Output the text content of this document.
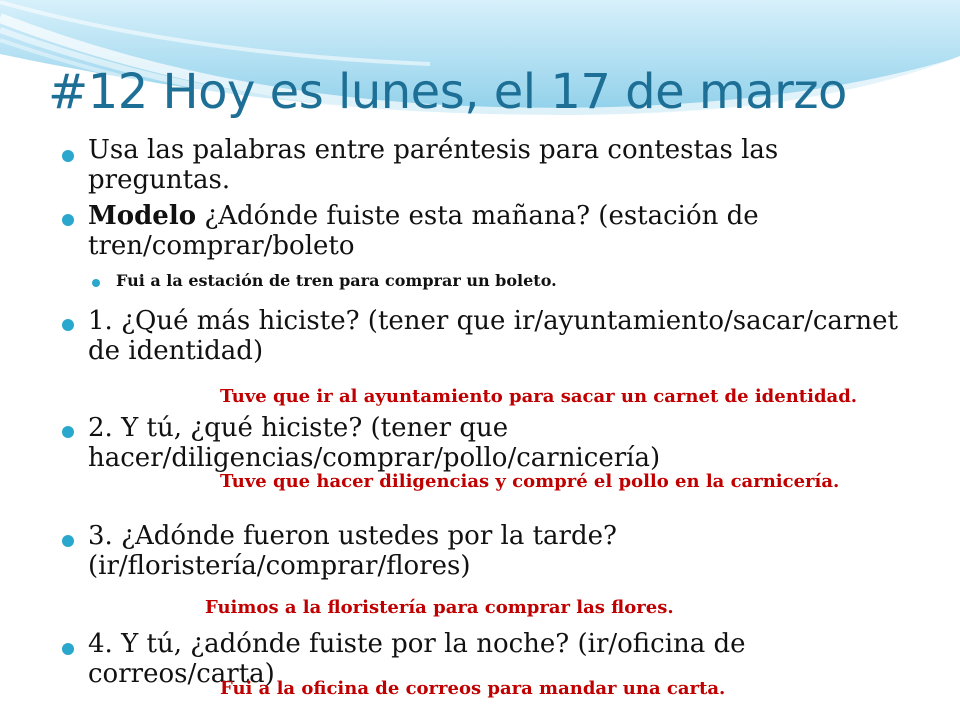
#12 Hoy es lunes, el 17 de marzo
Usa las palabras entre paréntesis para contestas las preguntas.
Modelo ¿Adónde fuiste esta mañana? (estación de tren/comprar/boleto
Fui a la estación de tren para comprar un boleto.
1. ¿Qué más hiciste? (tener que ir/ayuntamiento/sacar/carnet de identidad)
Tuve que ir al ayuntamiento para sacar un carnet de identidad.
2. Y tú, ¿qué hiciste? (tener que hacer/diligencias/comprar/pollo/carnicería)
Tuve que hacer diligencias y compré el pollo en la carnicería.
3. ¿Adónde fueron ustedes por la tarde? (ir/floristería/comprar/flores)
Fuimos a la floristería para comprar las flores.
4. Y tú, ¿adónde fuiste por la noche? (ir/oficina de correos/carta)
Fui a la oficina de correos para mandar una carta.
